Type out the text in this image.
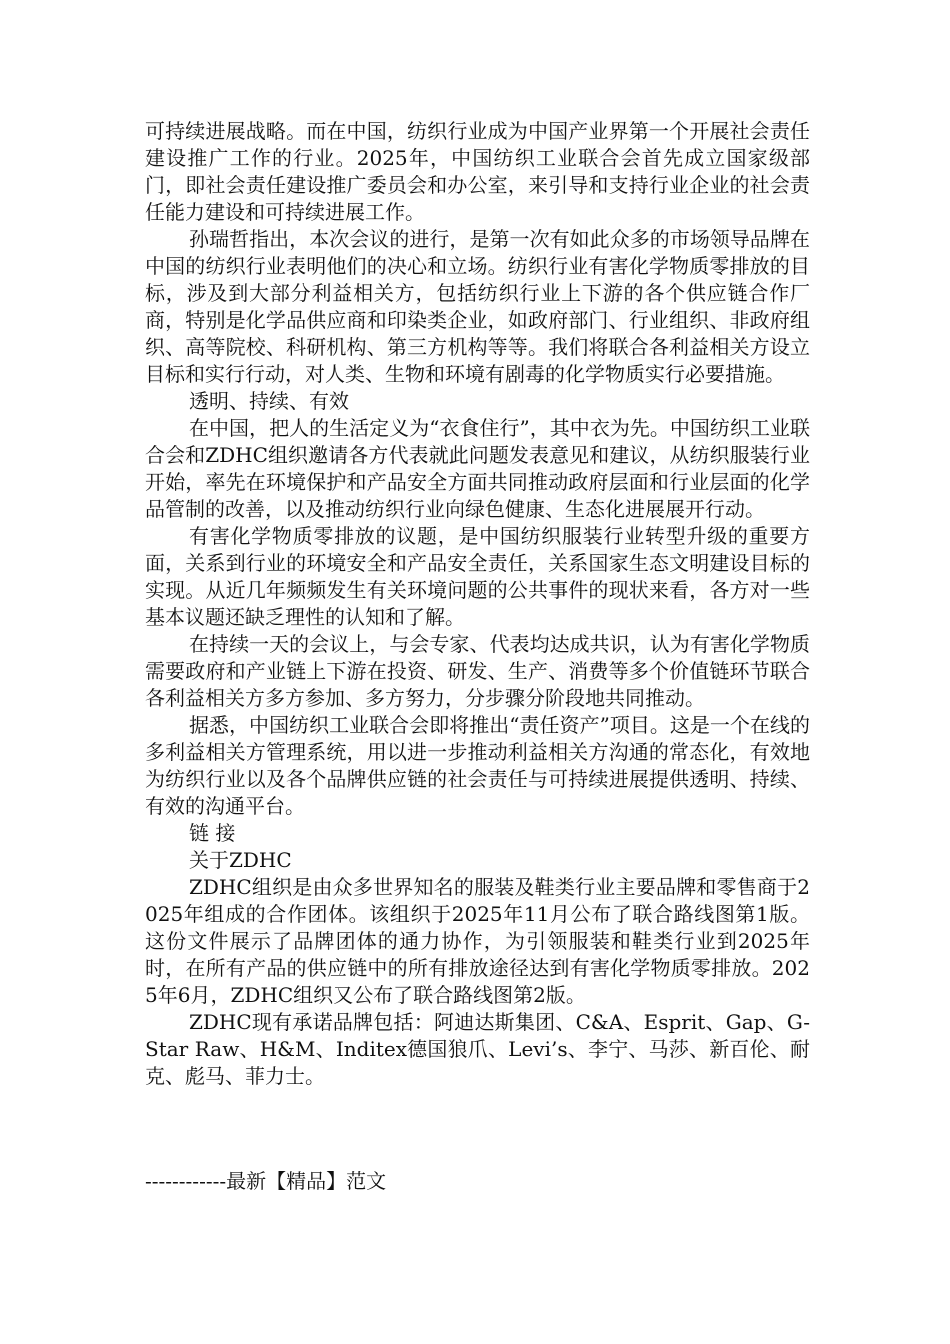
可持续进展战略。而在中国，纺织行业成为中国产业界第一个开展社会责任建设推广工作的行业。2025年，中国纺织工业联合会首先成立国家级部门，即社会责任建设推广委员会和办公室，来引导和支持行业企业的社会责任能力建设和可持续进展工作。

孙瑞哲指出，本次会议的进行，是第一次有如此众多的市场领导品牌在中国的纺织行业表明他们的决心和立场。纺织行业有害化学物质零排放的目标，涉及到大部分利益相关方，包括纺织行业上下游的各个供应链合作厂商，特别是化学品供应商和印染类企业，如政府部门、行业组织、非政府组织、高等院校、科研机构、第三方机构等等。我们将联合各利益相关方设立目标和实行行动，对人类、生物和环境有剧毒的化学物质实行必要措施。

透明、持续、有效

在中国，把人的生活定义为“衣食住行”，其中衣为先。中国纺织工业联合会和ZDHC组织邀请各方代表就此问题发表意见和建议，从纺织服装行业开始，率先在环境保护和产品安全方面共同推动政府层面和行业层面的化学品管制的改善，以及推动纺织行业向绿色健康、生态化进展展开行动。

有害化学物质零排放的议题，是中国纺织服装行业转型升级的重要方面，关系到行业的环境安全和产品安全责任，关系国家生态文明建设目标的实现。从近几年频频发生有关环境问题的公共事件的现状来看，各方对一些基本议题还缺乏理性的认知和了解。

在持续一天的会议上，与会专家、代表均达成共识，认为有害化学物质需要政府和产业链上下游在投资、研发、生产、消费等多个价值链环节联合各利益相关方多方参加、多方努力，分步骤分阶段地共同推动。

据悉，中国纺织工业联合会即将推出“责任资产”项目。这是一个在线的多利益相关方管理系统，用以进一步推动利益相关方沟通的常态化，有效地为纺织行业以及各个品牌供应链的社会责任与可持续进展提供透明、持续、有效的沟通平台。

链 接

关于ZDHC

ZDHC组织是由众多世界知名的服装及鞋类行业主要品牌和零售商于2025年组成的合作团体。该组织于2025年11月公布了联合路线图第1版。这份文件展示了品牌团体的通力协作，为引领服装和鞋类行业到2025年时，在所有产品的供应链中的所有排放途径达到有害化学物质零排放。2025年6月，ZDHC组织又公布了联合路线图第2版。

ZDHC现有承诺品牌包括：阿迪达斯集团、C&A、Esprit、Gap、G-Star Raw、H&M、Inditex德国狼爪、Levi’s、李宁、马莎、新百伦、耐克、彪马、菲力士。

------------最新【精品】范文
